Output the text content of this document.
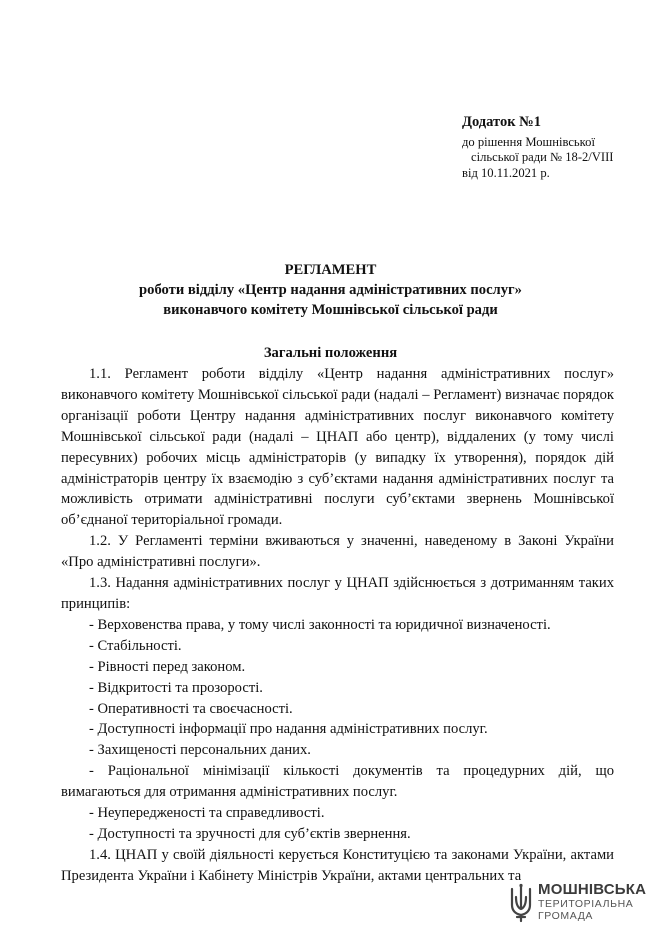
Додаток №1
до рішення Мошнівської
сільської ради № 18-2/VIII
від 10.11.2021 р.
РЕГЛАМЕНТ
роботи відділу «Центр надання адміністративних послуг»
виконавчого комітету Мошнівської сільської ради
Загальні положення

1.1. Регламент роботи відділу «Центр надання адміністративних послуг» виконавчого комітету Мошнівської сільської ради (надалі – Регламент) визначає порядок організації роботи Центру надання адміністративних послуг виконавчого комітету Мошнівської сільської ради (надалі – ЦНАП або центр), віддалених (у тому числі пересувних) робочих місць адміністраторів (у випадку їх утворення), порядок дій адміністраторів центру їх взаємодію з суб’єктами надання адміністративних послуг та можливість отримати адміністративні послуги суб’єктами звернень Мошнівської об’єднаної територіальної громади.

1.2. У Регламенті терміни вживаються у значенні, наведеному в Законі України «Про адміністративні послуги».

1.3. Надання адміністративних послуг у ЦНАП здійснюється з дотриманням таких принципів:

- Верховенства права, у тому числі законності та юридичної визначеності.

- Стабільності.

- Рівності перед законом.

- Відкритості та прозорості.

- Оперативності та своєчасності.

- Доступності інформації про надання адміністративних послуг.

- Захищеності персональних даних.

- Раціональної мінімізації кількості документів та процедурних дій, що вимагаються для отримання адміністративних послуг.

- Неупередженості та справедливості.

- Доступності та зручності для суб’єктів звернення.

1.4. ЦНАП у своїй діяльності керується Конституцією та законами України, актами Президента України і Кабінету Міністрів України, актами центральних та

МОШНІВСЬКА
ТЕРИТОРІАЛЬНА
ГРОМАДА
